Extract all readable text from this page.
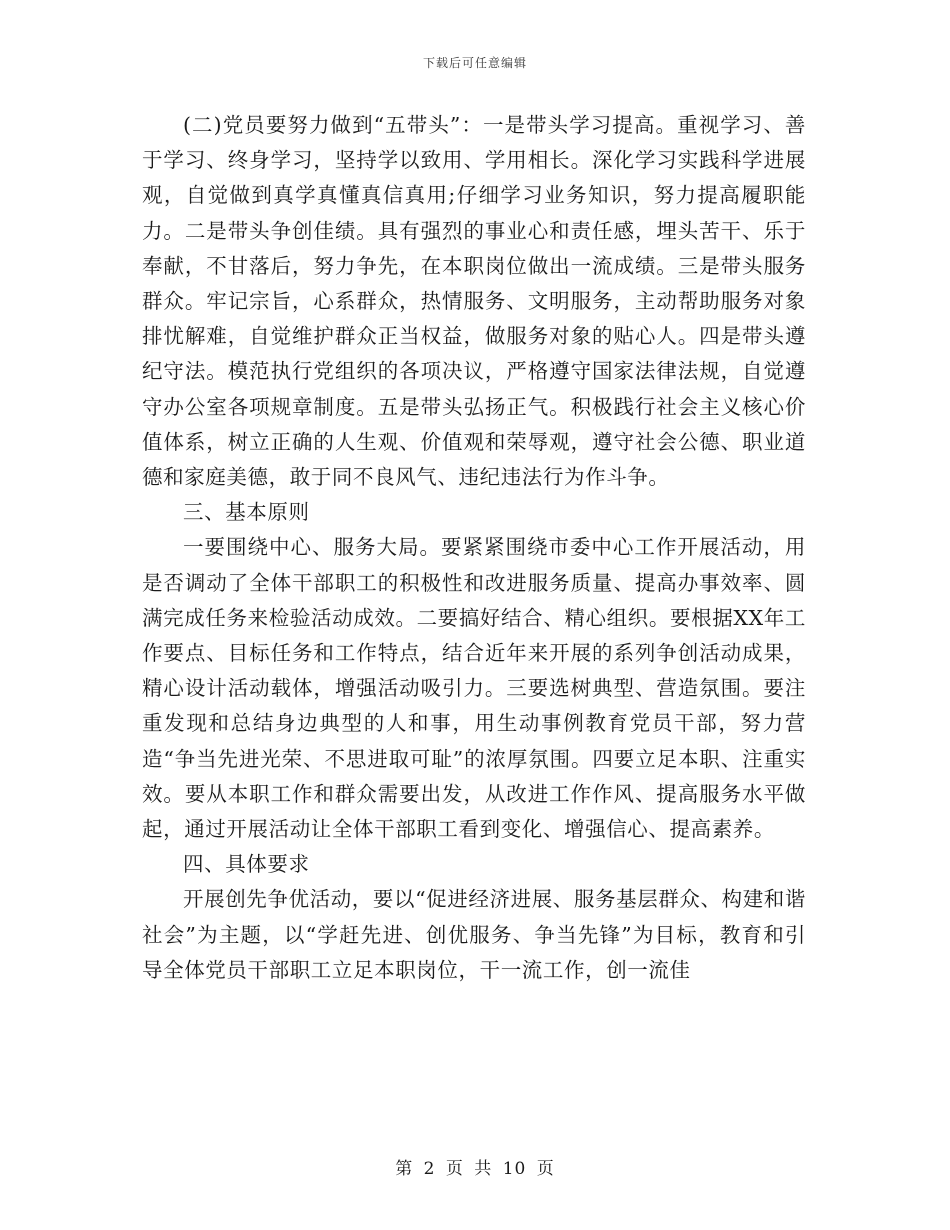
下载后可任意编辑

(二)党员要努力做到“五带头”：一是带头学习提高。重视学习、善于学习、终身学习，坚持学以致用、学用相长。深化学习实践科学进展观，自觉做到真学真懂真信真用;仔细学习业务知识，努力提高履职能力。二是带头争创佳绩。具有强烈的事业心和责任感，埋头苦干、乐于奉献，不甘落后，努力争先，在本职岗位做出一流成绩。三是带头服务群众。牢记宗旨，心系群众，热情服务、文明服务，主动帮助服务对象排忧解难，自觉维护群众正当权益，做服务对象的贴心人。四是带头遵纪守法。模范执行党组织的各项决议，严格遵守国家法律法规，自觉遵守办公室各项规章制度。五是带头弘扬正气。积极践行社会主义核心价值体系，树立正确的人生观、价值观和荣辱观，遵守社会公德、职业道德和家庭美德，敢于同不良风气、违纪违法行为作斗争。

三、基本原则

一要围绕中心、服务大局。要紧紧围绕市委中心工作开展活动，用是否调动了全体干部职工的积极性和改进服务质量、提高办事效率、圆满完成任务来检验活动成效。二要搞好结合、精心组织。要根据XX年工作要点、目标任务和工作特点，结合近年来开展的系列争创活动成果，精心设计活动载体，增强活动吸引力。三要选树典型、营造氛围。要注重发现和总结身边典型的人和事，用生动事例教育党员干部，努力营造“争当先进光荣、不思进取可耻”的浓厚氛围。四要立足本职、注重实效。要从本职工作和群众需要出发，从改进工作作风、提高服务水平做起，通过开展活动让全体干部职工看到变化、增强信心、提高素养。

四、具体要求

开展创先争优活动，要以“促进经济进展、服务基层群众、构建和谐社会”为主题，以“学赶先进、创优服务、争当先锋”为目标，教育和引导全体党员干部职工立足本职岗位，干一流工作，创一流佳

第 2 页 共 10 页
